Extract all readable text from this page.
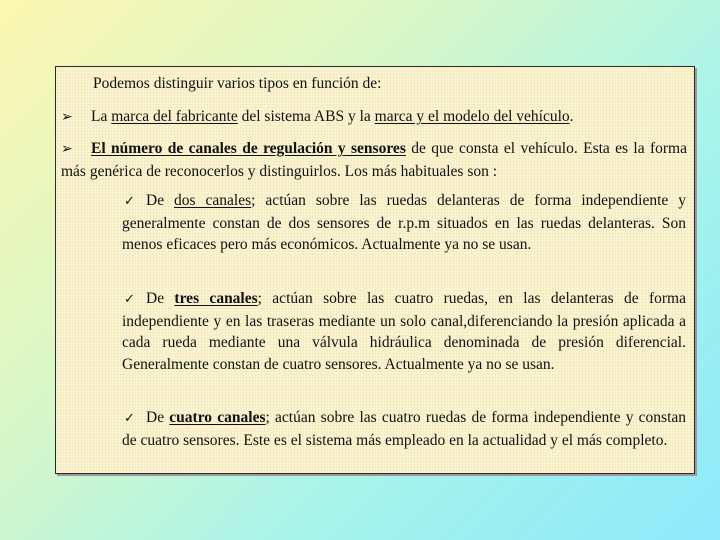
Podemos distinguir varios tipos en función de:
➢ La marca del fabricante del sistema ABS y la marca y el modelo del vehículo.
➢ El número de canales de regulación y sensores de que consta el vehículo. Esta es la forma más genérica de reconocerlos y distinguirlos. Los más habituales son :
✓ De dos canales; actúan sobre las ruedas delanteras de forma independiente y generalmente constan de dos sensores de r.p.m situados en las ruedas delanteras. Son menos eficaces pero más económicos. Actualmente ya no se usan.
✓ De tres canales; actúan sobre las cuatro ruedas, en las delanteras de forma independiente y en las traseras mediante un solo canal,diferenciando la presión aplicada a cada rueda mediante una válvula hidráulica denominada de presión diferencial. Generalmente constan de cuatro sensores. Actualmente ya no se usan.
✓ De cuatro canales; actúan sobre las cuatro ruedas de forma independiente y constan de cuatro sensores. Este es el sistema más empleado en la actualidad y el más completo.
